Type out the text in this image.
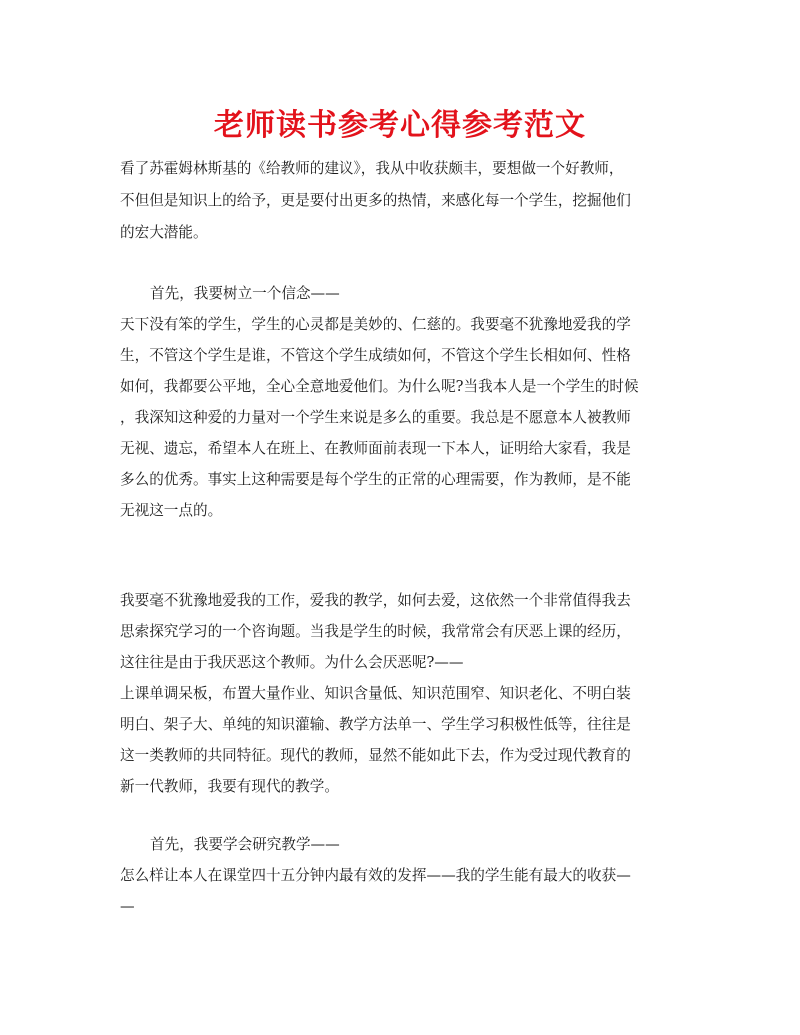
老师读书参考心得参考范文
看了苏霍姆林斯基的《给教师的建议》，我从中收获颇丰，要想做一个好教师，
不但但是知识上的给予，更是要付出更多的热情，来感化每一个学生，挖掘他们
的宏大潜能。
首先，我要树立一个信念——
天下没有笨的学生，学生的心灵都是美妙的、仁慈的。我要毫不犹豫地爱我的学
生，不管这个学生是谁，不管这个学生成绩如何，不管这个学生长相如何、性格
如何，我都要公平地，全心全意地爱他们。为什么呢?当我本人是一个学生的时候
，我深知这种爱的力量对一个学生来说是多么的重要。我总是不愿意本人被教师
无视、遗忘，希望本人在班上、在教师面前表现一下本人，证明给大家看，我是
多么的优秀。事实上这种需要是每个学生的正常的心理需要，作为教师，是不能
无视这一点的。
我要毫不犹豫地爱我的工作，爱我的教学，如何去爱，这依然一个非常值得我去
思索探究学习的一个咨询题。当我是学生的时候，我常常会有厌恶上课的经历，
这往往是由于我厌恶这个教师。为什么会厌恶呢?——
上课单调呆板，布置大量作业、知识含量低、知识范围窄、知识老化、不明白装
明白、架子大、单纯的知识灌输、教学方法单一、学生学习积极性低等，往往是
这一类教师的共同特征。现代的教师，显然不能如此下去，作为受过现代教育的
新一代教师，我要有现代的教学。
首先，我要学会研究教学——
怎么样让本人在课堂四十五分钟内最有效的发挥——我的学生能有最大的收获—
—
